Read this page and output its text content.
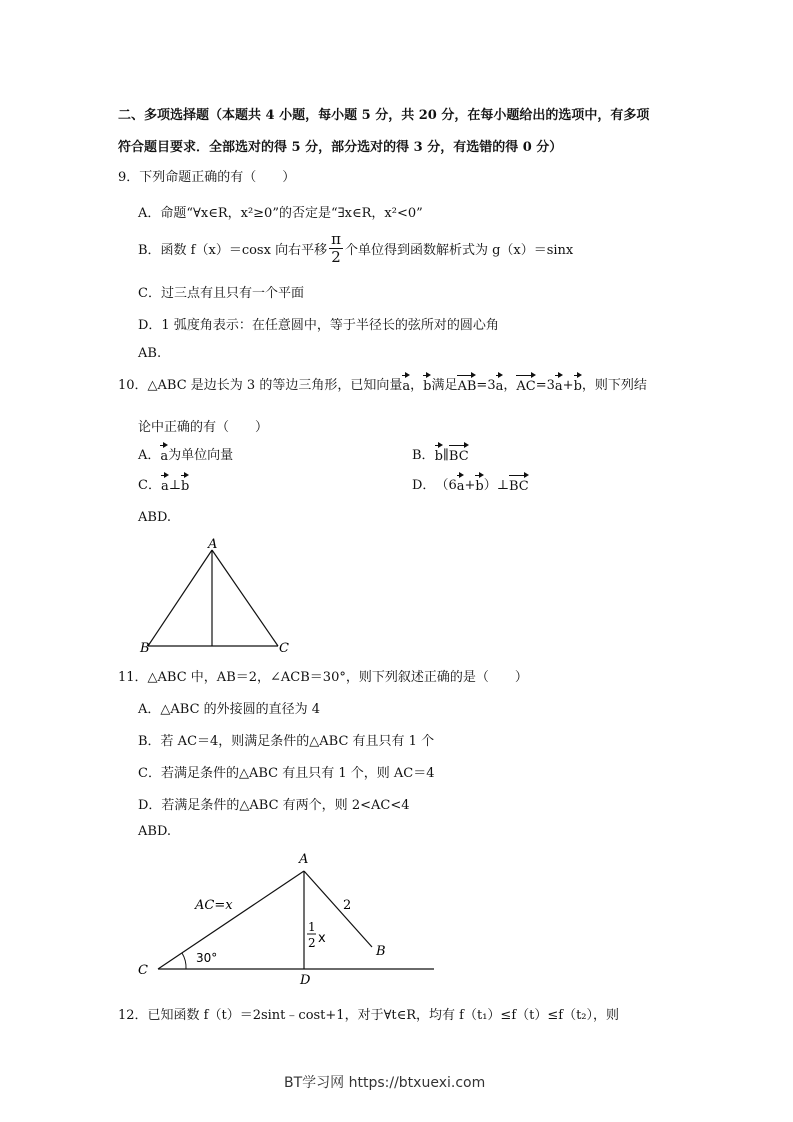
二、多项选择题（本题共 4 小题，每小题 5 分，共 20 分，在每小题给出的选项中，有多项
符合题目要求．全部选对的得 5 分，部分选对的得 3 分，有选错的得 0 分）
9．下列命题正确的有（　　）
A．命题“∀x∈R，x²≥0”的否定是“∃x∈R，x²<0”
B．函数 f（x）＝cosx 向右平移 $\frac{\pi}{2}$ 个单位得到函数解析式为 g（x）＝sinx
C．过三点有且只有一个平面
D．1 弧度角表示：在任意圆中，等于半径长的弦所对的圆心角
AB.
10．△ABC 是边长为 3 的等边三角形，已知向量 a ， b 满足 AB =3 a ， AC =3 a + b ，则下列结
论中正确的有（　　）
A． a 为单位向量	B． b ∥ BC
C． a ⊥ b	D． （6 a + b ）⊥ BC
ABD.
A
B	C
11．△ABC 中，AB＝2，∠ACB＝30°，则下列叙述正确的是（　　）
A．△ABC 的外接圆的直径为 4
B．若 AC＝4，则满足条件的△ABC 有且只有 1 个
C．若满足条件的△ABC 有且只有 1 个，则 AC＝4
D．若满足条件的△ABC 有两个，则 2<AC<4
ABD.
A
C
B
D
AC=x	2
30°
1
2 x
12．已知函数 f（t）＝2sint﹣cost+1，对于∀t∈R，均有 f（t₁）≤f（t）≤f（t₂），则
BT学习网 https://btxuexi.com
